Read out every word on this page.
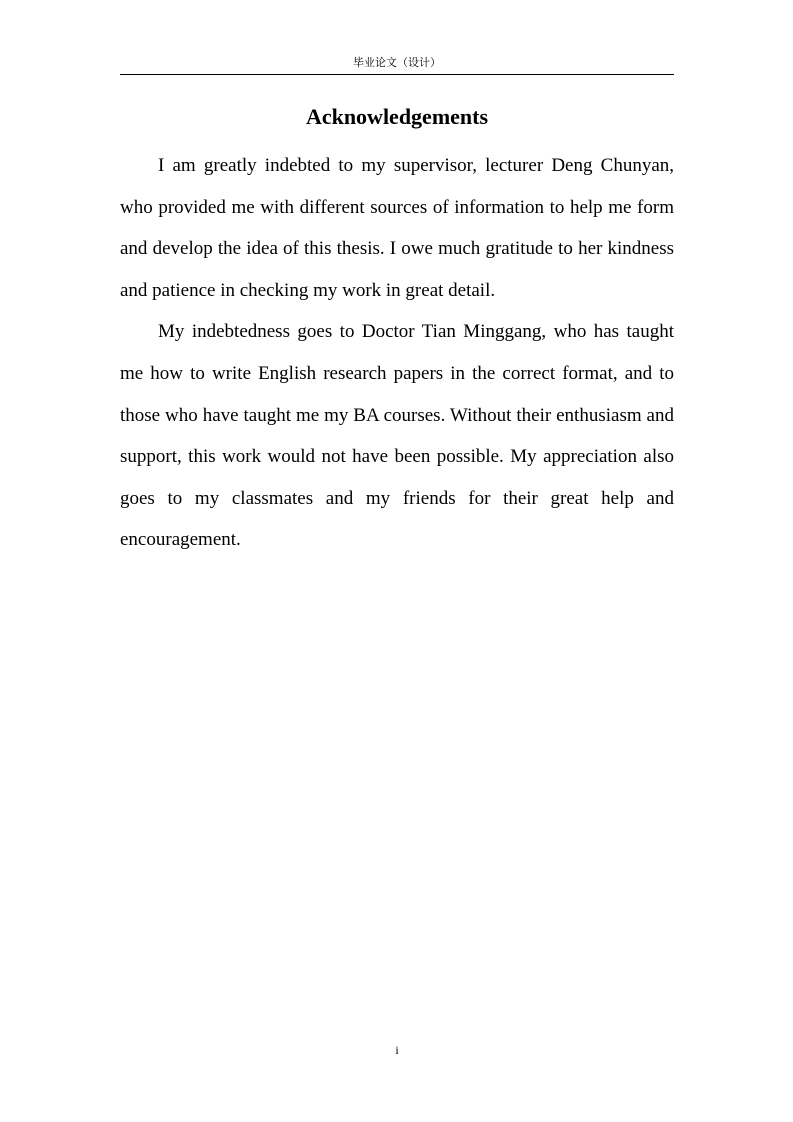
毕业论文（设计）
Acknowledgements

I am greatly indebted to my supervisor, lecturer Deng Chunyan, who provided me with different sources of information to help me form and develop the idea of this thesis. I owe much gratitude to her kindness and patience in checking my work in great detail.

My indebtedness goes to Doctor Tian Minggang, who has taught me how to write English research papers in the correct format, and to those who have taught me my BA courses. Without their enthusiasm and support, this work would not have been possible. My appreciation also goes to my classmates and my friends for their great help and encouragement.

i
